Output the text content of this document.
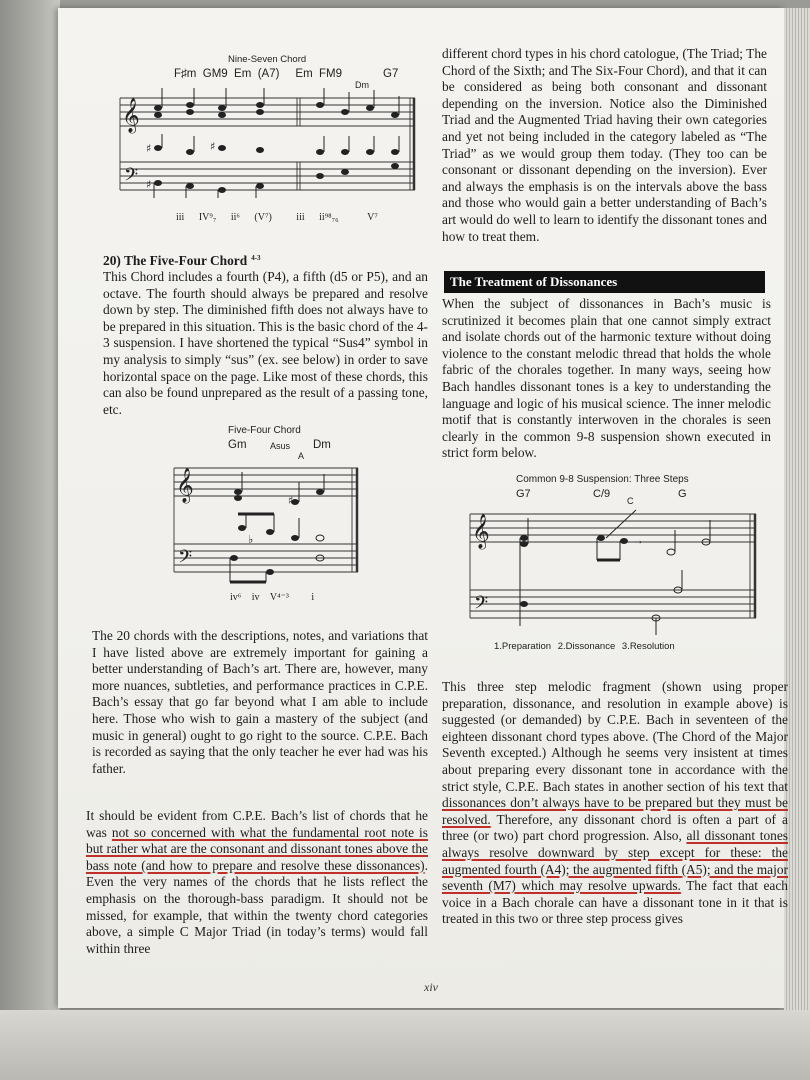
Nine-Seven Chord
F♯m  GM9  Em  (A7)     Em  FM9
Dm
G7
𝄞
𝄢
♯	♯
♯
iii IV⁹₇ ii⁶ (V⁷) iii ii⁹⁸₇₆	V⁷
20) The Five-Four Chord $^{4-3}$

This Chord includes a fourth (P4), a fifth (d5 or P5), and an octave. The fourth should always be prepared and resolve down by step. The diminished fifth does not always have to be prepared in this situation. This is the basic chord of the 4-3 suspension. I have shortened the typical “Sus4” symbol in my analysis to simply “sus” (ex. see below) in order to save horizontal space on the page. Like most of these chords, this can also be found unprepared as the result of a passing tone, etc.

Five-Four Chord
Gm	Asus
A
Dm
𝄞
𝄢
♯
♭
iv⁶ iv V⁴⁻³ i

The 20 chords with the descriptions, notes, and variations that I have listed above are extremely important for gaining a better understanding of Bach’s art. There are, however, many more nuances, subtleties, and performance practices in C.P.E. Bach’s essay that go far beyond what I am able to include here. Those who wish to gain a mastery of the subject (and music in general) ought to go right to the source. C.P.E. Bach is recorded as saying that the only teacher he ever had was his father.

It should be evident from C.P.E. Bach’s list of chords that he was not so concerned with what the fundamental root note is but rather what are the consonant and dissonant tones above the bass note (and how to prepare and resolve these dissonances). Even the very names of the chords that he lists reflect the emphasis on the thorough-bass paradigm. It should not be missed, for example, that within the twenty chord categories above, a simple C Major Triad (in today’s terms) would fall within three

different chord types in his chord catologue, (The Triad; The Chord of the Sixth; and The Six-Four Chord), and that it can be considered as being both consonant and dissonant depending on the inversion. Notice also the Diminished Triad and the Augmented Triad having their own categories and yet not being included in the category labeled as “The Triad” as we would group them today. (They too can be consonant or dissonant depending on the inversion). Ever and always the emphasis is on the intervals above the bass and those who would gain a better understanding of Bach’s art would do well to learn to identify the dissonant tones and how to treat them.

The Treatment of Dissonances

When the subject of dissonances in Bach’s music is scrutinized it becomes plain that one cannot simply extract and isolate chords out of the harmonic texture without doing violence to the constant melodic thread that holds the whole fabric of the chorales together. In many ways, seeing how Bach handles dissonant tones is a key to understanding the language and logic of his musical science. The inner melodic motif that is constantly interwoven in the chorales is seen clearly in the common 9-8 suspension shown executed in strict form below.

Common 9-8 Suspension: Three Steps
G7	C/9
C
G
𝄞
𝄢
→
1.Preparation 2.Dissonance 3.Resolution

This three step melodic fragment (shown using proper preparation, dissonance, and resolution in example above) is suggested (or demanded) by C.P.E. Bach in seventeen of the eighteen dissonant chord types above. (The Chord of the Major Seventh excepted.) Although he seems very insistent at times about preparing every dissonant tone in accordance with the strict style, C.P.E. Bach states in another section of his text that dissonances don’t always have to be prepared but they must be resolved. Therefore, any dissonant chord is often a part of a three (or two) part chord progression. Also, all dissonant tones always resolve downward by step except for these: the augmented fourth (A4); the augmented fifth (A5); and the major seventh (M7) which may resolve upwards. The fact that each voice in a Bach chorale can have a dissonant tone in it that is treated in this two or three step process gives

xiv
